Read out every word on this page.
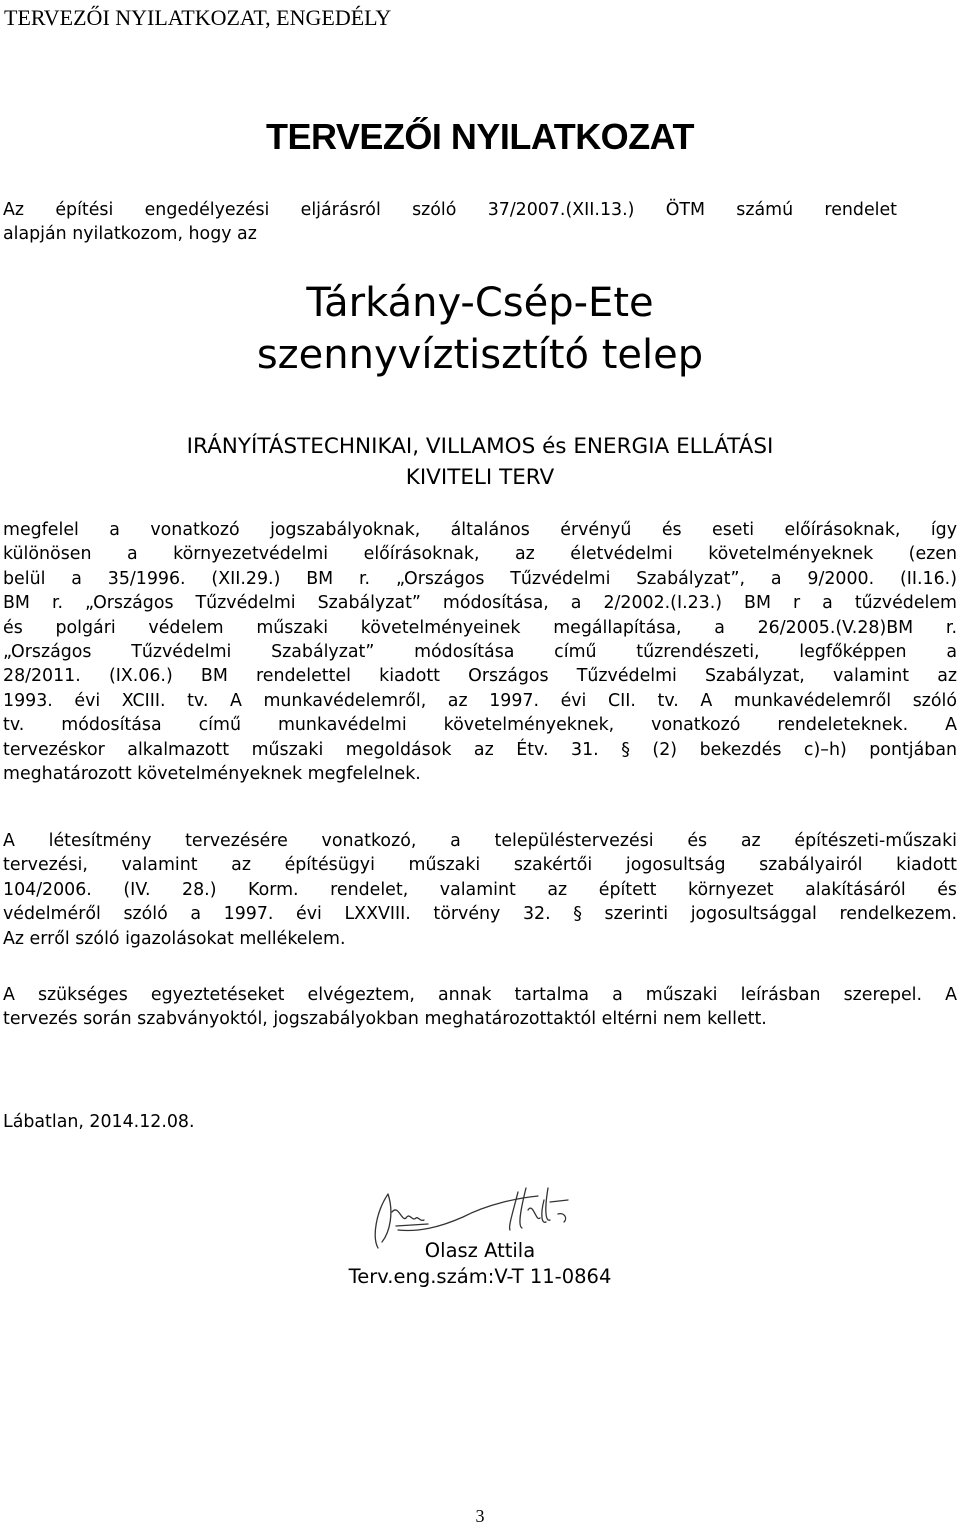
TERVEZŐI NYILATKOZAT, ENGEDÉLY
TERVEZŐI NYILATKOZAT
Az építési engedélyezési eljárásról szóló 37/2007.(XII.13.) ÖTM számú rendelet
alapján nyilatkozom, hogy az
Tárkány-Csép-Ete
szennyvíztisztító telep
IRÁNYÍTÁSTECHNIKAI, VILLAMOS és ENERGIA ELLÁTÁSI
KIVITELI TERV
megfelel a vonatkozó jogszabályoknak, általános érvényű és eseti előírásoknak, így
különösen a környezetvédelmi előírásoknak, az életvédelmi követelményeknek (ezen
belül a 35/1996. (XII.29.) BM r. „Országos Tűzvédelmi Szabályzat”, a 9/2000. (II.16.)
BM r. „Országos Tűzvédelmi Szabályzat” módosítása, a 2/2002.(I.23.) BM r a tűzvédelem
és polgári védelem műszaki követelményeinek megállapítása, a 26/2005.(V.28)BM r.
„Országos Tűzvédelmi Szabályzat” módosítása című tűzrendészeti, legfőképpen a
28/2011. (IX.06.) BM rendelettel kiadott Országos Tűzvédelmi Szabályzat, valamint az
1993. évi XCIII. tv. A munkavédelemről, az 1997. évi CII. tv. A munkavédelemről szóló
tv. módosítása című munkavédelmi követelményeknek, vonatkozó rendeleteknek. A
tervezéskor alkalmazott műszaki megoldások az Étv. 31. § (2) bekezdés c)–h) pontjában
meghatározott követelményeknek megfelelnek.
A létesítmény tervezésére vonatkozó, a településtervezési és az építészeti-műszaki
tervezési, valamint az építésügyi műszaki szakértői jogosultság szabályairól kiadott
104/2006. (IV. 28.) Korm. rendelet, valamint az épített környezet alakításáról és
védelméről szóló a 1997. évi LXXVIII. törvény 32. § szerinti jogosultsággal rendelkezem.
Az erről szóló igazolásokat mellékelem.
A szükséges egyeztetéseket elvégeztem, annak tartalma a műszaki leírásban szerepel. A
tervezés során szabványoktól, jogszabályokban meghatározottaktól eltérni nem kellett.
Lábatlan, 2014.12.08.
Olasz Attila
Terv.eng.szám:V-T 11-0864
3
